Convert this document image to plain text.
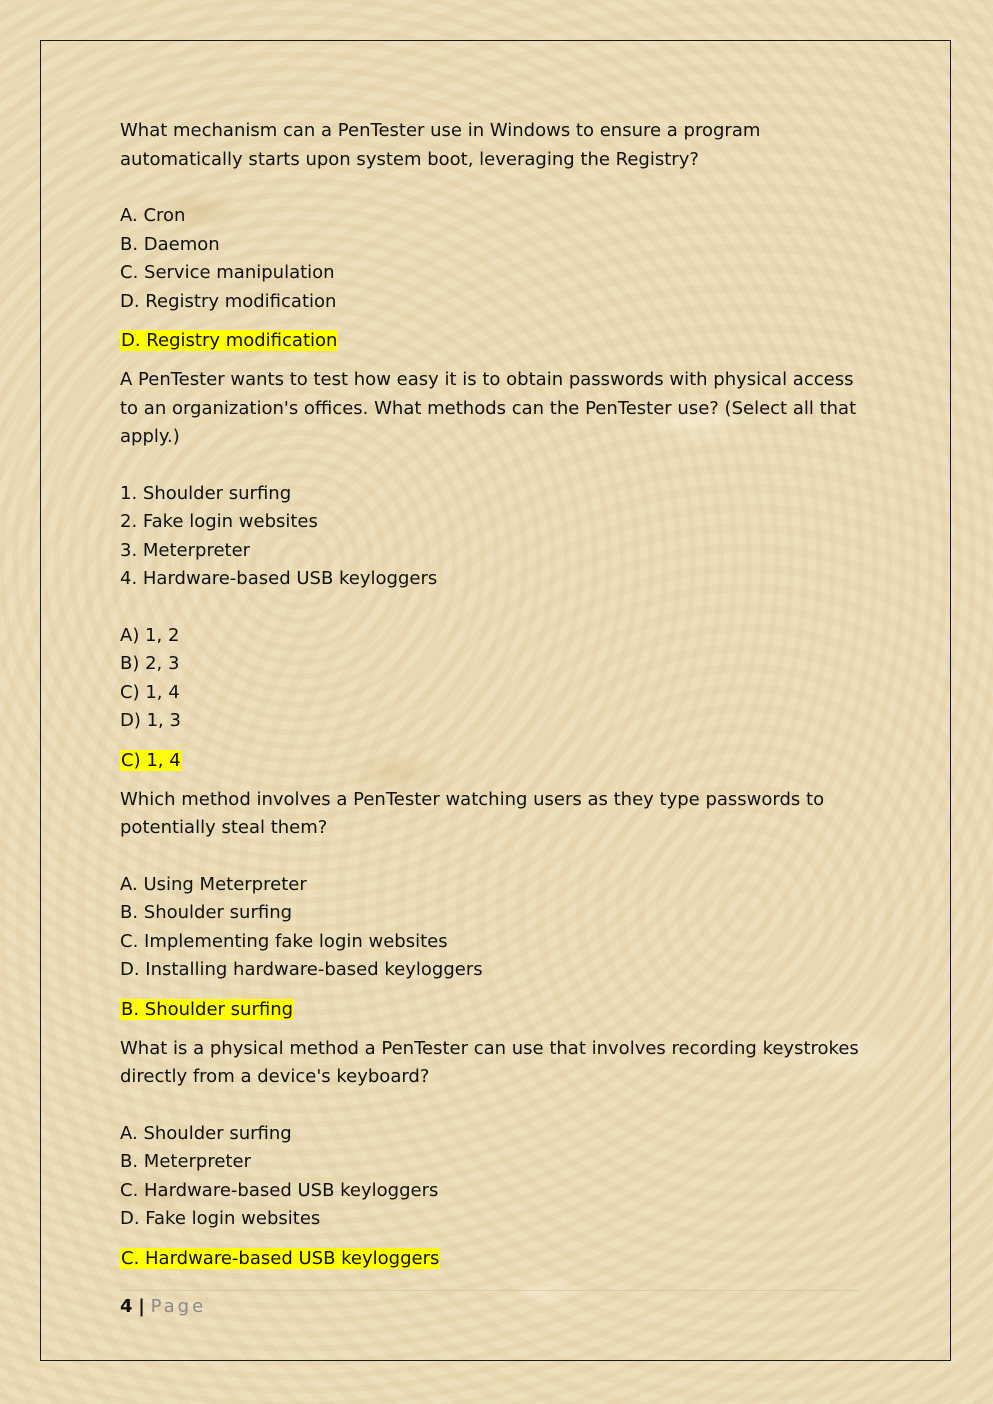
What mechanism can a PenTester use in Windows to ensure a program automatically starts upon system boot, leveraging the Registry?

A. Cron
B. Daemon
C. Service manipulation
D. Registry modification

D. Registry modification

A PenTester wants to test how easy it is to obtain passwords with physical access to an organization's offices. What methods can the PenTester use? (Select all that apply.)

1. Shoulder surfing
2. Fake login websites
3. Meterpreter
4. Hardware-based USB keyloggers
A) 1, 2
B) 2, 3
C) 1, 4
D) 1, 3

C) 1, 4

Which method involves a PenTester watching users as they type passwords to potentially steal them?

A. Using Meterpreter
B. Shoulder surfing
C. Implementing fake login websites
D. Installing hardware-based keyloggers

B. Shoulder surfing

What is a physical method a PenTester can use that involves recording keystrokes directly from a device's keyboard?

A. Shoulder surfing
B. Meterpreter
C. Hardware-based USB keyloggers
D. Fake login websites

C. Hardware-based USB keyloggers

4 | Page
